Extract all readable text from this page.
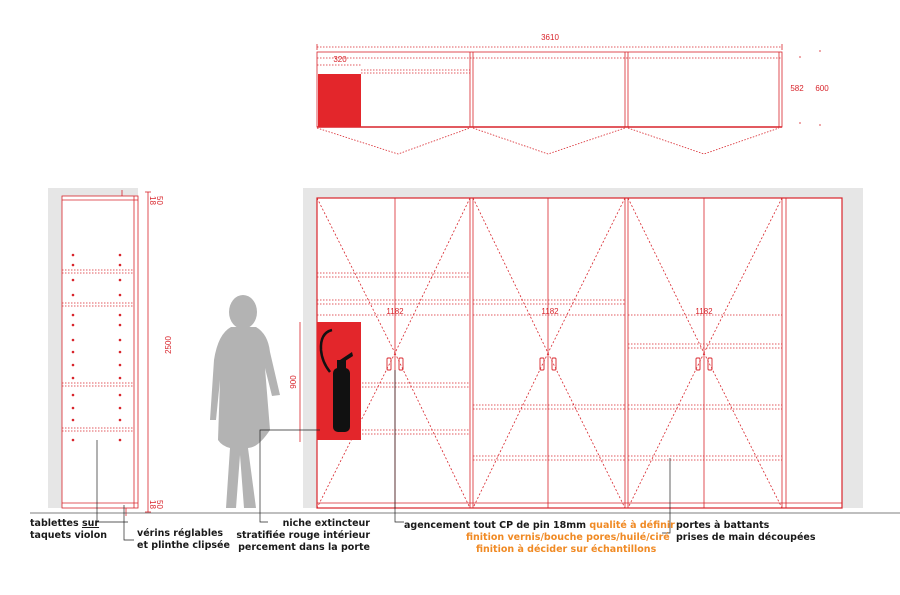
3610
320
582 600
50
18
2500
50
18
1182	1182	1182
900
tablettes sur
taquets violon	vérins réglables
et plinthe clipsée
niche extincteur
stratifiée rouge intérieur
percement dans la porte
agencement tout CP de pin 18mm qualité à définir
finition vernis/bouche pores/huilé/ciré
finition à décider sur échantillons
portes à battants
prises de main découpées
